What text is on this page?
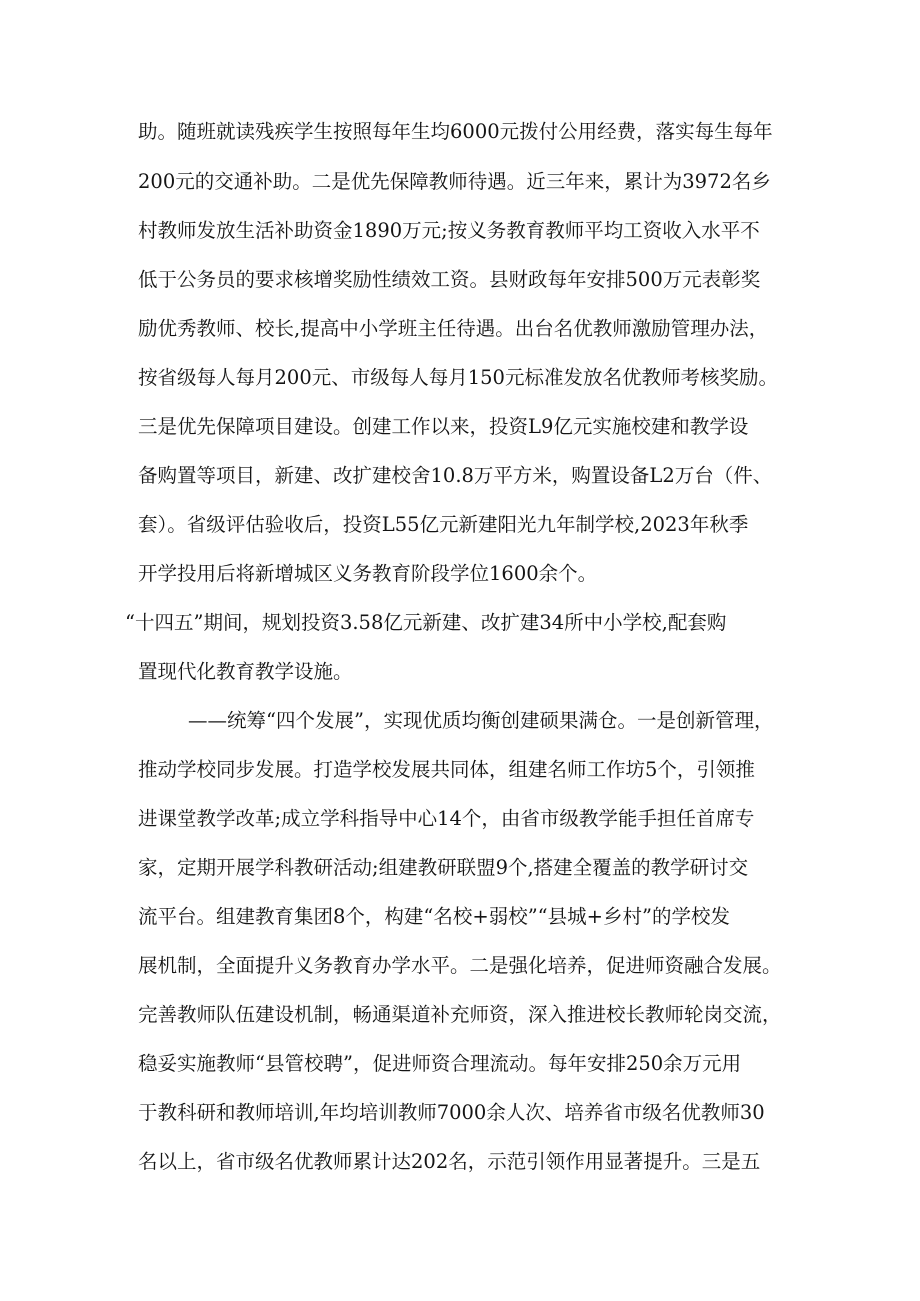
助。随班就读残疾学生按照每年生均6000元拨付公用经费，落实每生每年
200元的交通补助。二是优先保障教师待遇。近三年来，累计为3972名乡
村教师发放生活补助资金1890万元;按义务教育教师平均工资收入水平不
低于公务员的要求核增奖励性绩效工资。县财政每年安排500万元表彰奖
励优秀教师、校长,提高中小学班主任待遇。出台名优教师激励管理办法，
按省级每人每月200元、市级每人每月150元标准发放名优教师考核奖励。
三是优先保障项目建设。创建工作以来，投资L9亿元实施校建和教学设
备购置等项目，新建、改扩建校舍10.8万平方米，购置设备L2万台（件、
套）。省级评估验收后，投资L55亿元新建阳光九年制学校,2023年秋季
开学投用后将新增城区义务教育阶段学位1600余个。
“十四五”期间，规划投资3.58亿元新建、改扩建34所中小学校,配套购
置现代化教育教学设施。
——统筹“四个发展”，实现优质均衡创建硕果满仓。一是创新管理，
推动学校同步发展。打造学校发展共同体，组建名师工作坊5个，引领推
进课堂教学改革;成立学科指导中心14个，由省市级教学能手担任首席专
家，定期开展学科教研活动;组建教研联盟9个,搭建全覆盖的教学研讨交
流平台。组建教育集团8个，构建“名校+弱校”“县城+乡村”的学校发
展机制，全面提升义务教育办学水平。二是强化培养，促进师资融合发展。
完善教师队伍建设机制，畅通渠道补充师资，深入推进校长教师轮岗交流，
稳妥实施教师“县管校聘”，促进师资合理流动。每年安排250余万元用
于教科研和教师培训,年均培训教师7000余人次、培养省市级名优教师30
名以上，省市级名优教师累计达202名，示范引领作用显著提升。三是五
